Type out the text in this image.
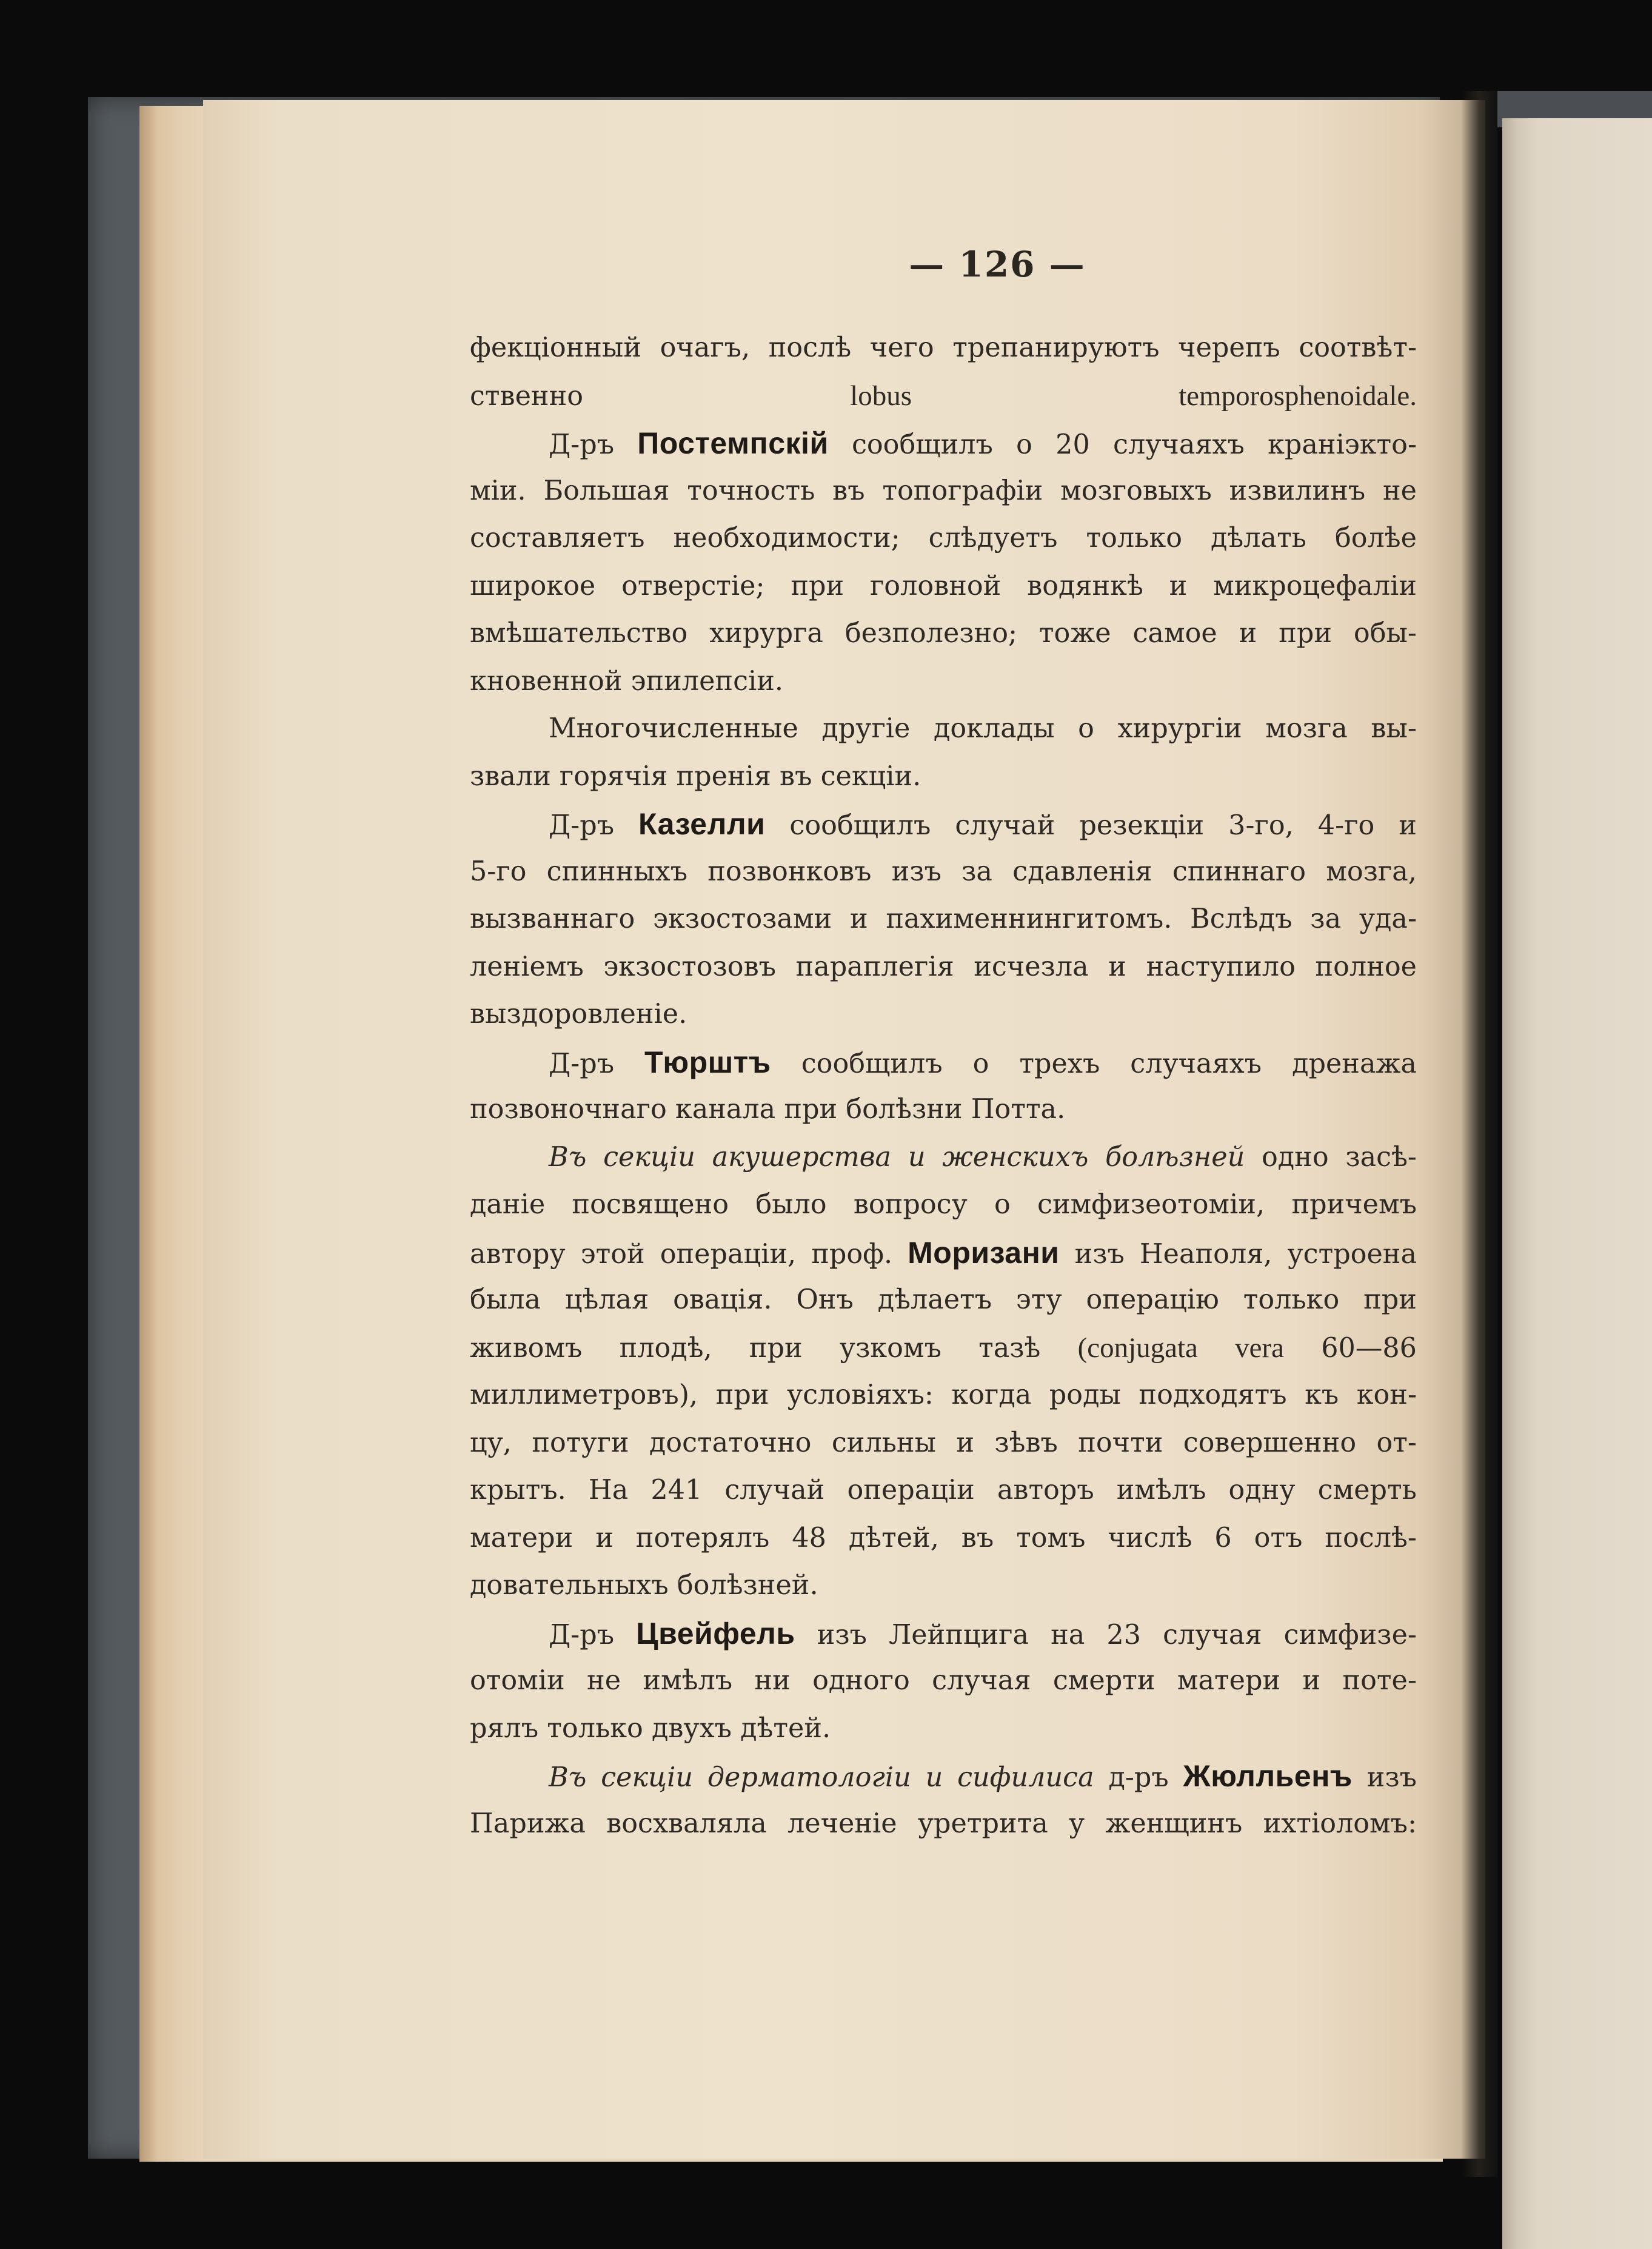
— 126 —
фекціонный очагъ, послѣ чего трепанируютъ черепъ соотвѣт-
ственно	lobus	temporosphenoidale.
Д-ръ Постемпскій сообщилъ о 20 случаяхъ краніэкто-
міи. Большая точность въ топографіи мозговыхъ извилинъ не
составляетъ необходимости; слѣдуетъ только дѣлать болѣе
широкое отверстіе; при головной водянкѣ и микроцефаліи
вмѣшательство хирурга безполезно; тоже самое и при обы-
кновенной эпилепсіи.
Многочисленные другіе доклады о хирургіи мозга вы-
звали горячія пренія въ секціи.
Д-ръ Казелли сообщилъ случай резекціи 3-го, 4-го и
5-го спинныхъ позвонковъ изъ за сдавленія спиннаго мозга,
вызваннаго экзостозами и пахименнингитомъ. Вслѣдъ за уда-
леніемъ экзостозовъ параплегія исчезла и наступило полное
выздоровленіе.
Д-ръ Тюрштъ сообщилъ о трехъ случаяхъ дренажа
позвоночнаго канала при болѣзни Потта.
Въ секціи акушерства и женскихъ болѣзней одно засѣ-
даніе посвящено было вопросу о симфизеотоміи, причемъ
автору этой операціи, проф. Моризани изъ Неаполя, устроена
была цѣлая овація. Онъ дѣлаетъ эту операцію только при
живомъ плодѣ, при узкомъ тазѣ (conjugata vera 60—86
миллиметровъ), при условіяхъ: когда роды подходятъ къ кон-
цу, потуги достаточно сильны и зѣвъ почти совершенно от-
крытъ. На 241 случай операціи авторъ имѣлъ одну смерть
матери и потерялъ 48 дѣтей, въ томъ числѣ 6 отъ послѣ-
довательныхъ болѣзней.
Д-ръ Цвейфель изъ Лейпцига на 23 случая симфизе-
отоміи не имѣлъ ни одного случая смерти матери и поте-
рялъ только двухъ дѣтей.
Въ секціи дерматологіи и сифилиса д-ръ Жюлльенъ изъ
Парижа восхваляла леченіе уретрита у женщинъ ихтіоломъ:
